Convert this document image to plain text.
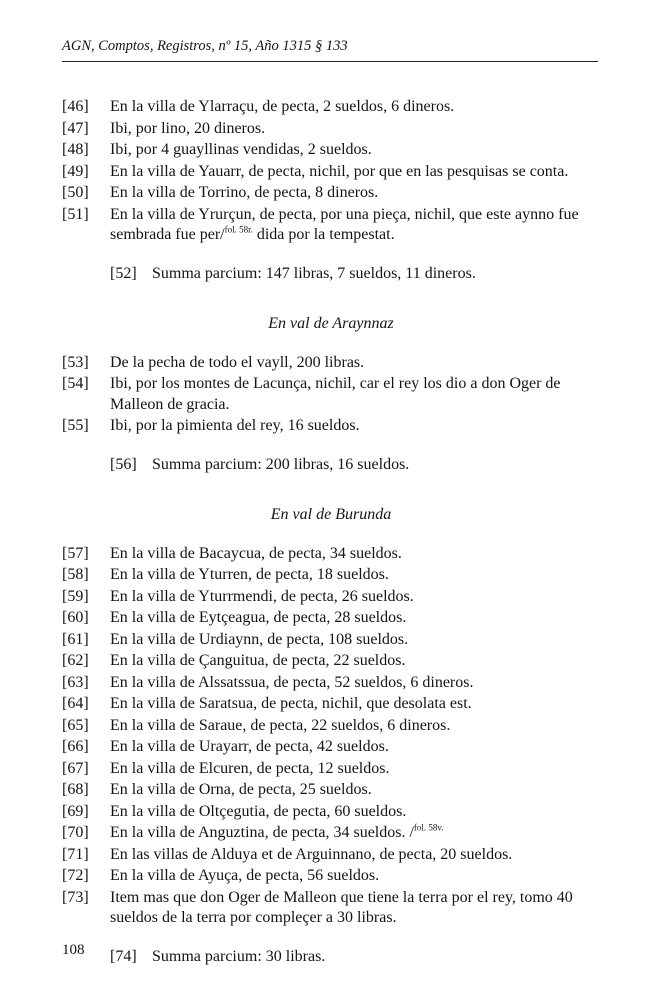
AGN, Comptos, Registros, nº 15, Año 1315 § 133
[46]	En la villa de Ylarraçu, de pecta, 2 sueldos, 6 dineros.
[47]	Ibi, por lino, 20 dineros.
[48]	Ibi, por 4 guayllinas vendidas, 2 sueldos.
[49]	En la villa de Yauarr, de pecta, nichil, por que en las pesquisas se conta.
[50]	En la villa de Torrino, de pecta, 8 dineros.
[51]	En la villa de Yrurçun, de pecta, por una pieça, nichil, que este aynno fue sembrada fue per/$^{fol. 58r.}$ dida por la tempestat.
[52] Summa parcium: 147 libras, 7 sueldos, 11 dineros.
En val de Araynnaz
[53]	De la pecha de todo el vayll, 200 libras.
[54]	Ibi, por los montes de Lacunça, nichil, car el rey los dio a don Oger de Malleon de gracia.
[55]	Ibi, por la pimienta del rey, 16 sueldos.
[56] Summa parcium: 200 libras, 16 sueldos.
En val de Burunda
[57]	En la villa de Bacaycua, de pecta, 34 sueldos.
[58]	En la villa de Yturren, de pecta, 18 sueldos.
[59]	En la villa de Yturrmendi, de pecta, 26 sueldos.
[60]	En la villa de Eytçeagua, de pecta, 28 sueldos.
[61]	En la villa de Urdiaynn, de pecta, 108 sueldos.
[62]	En la villa de Çanguitua, de pecta, 22 sueldos.
[63]	En la villa de Alssatssua, de pecta, 52 sueldos, 6 dineros.
[64]	En la villa de Saratsua, de pecta, nichil, que desolata est.
[65]	En la villa de Saraue, de pecta, 22 sueldos, 6 dineros.
[66]	En la villa de Urayarr, de pecta, 42 sueldos.
[67]	En la villa de Elcuren, de pecta, 12 sueldos.
[68]	En la villa de Orna, de pecta, 25 sueldos.
[69]	En la villa de Oltçegutia, de pecta, 60 sueldos.
[70]	En la villa de Anguztina, de pecta, 34 sueldos. /$^{fol. 58v.}$
[71]	En las villas de Alduya et de Arguinnano, de pecta, 20 sueldos.
[72]	En la villa de Ayuça, de pecta, 56 sueldos.
[73]	Item mas que don Oger de Malleon que tiene la terra por el rey, tomo 40 sueldos de la terra por compleçer a 30 libras.
[74] Summa parcium: 30 libras.
108
